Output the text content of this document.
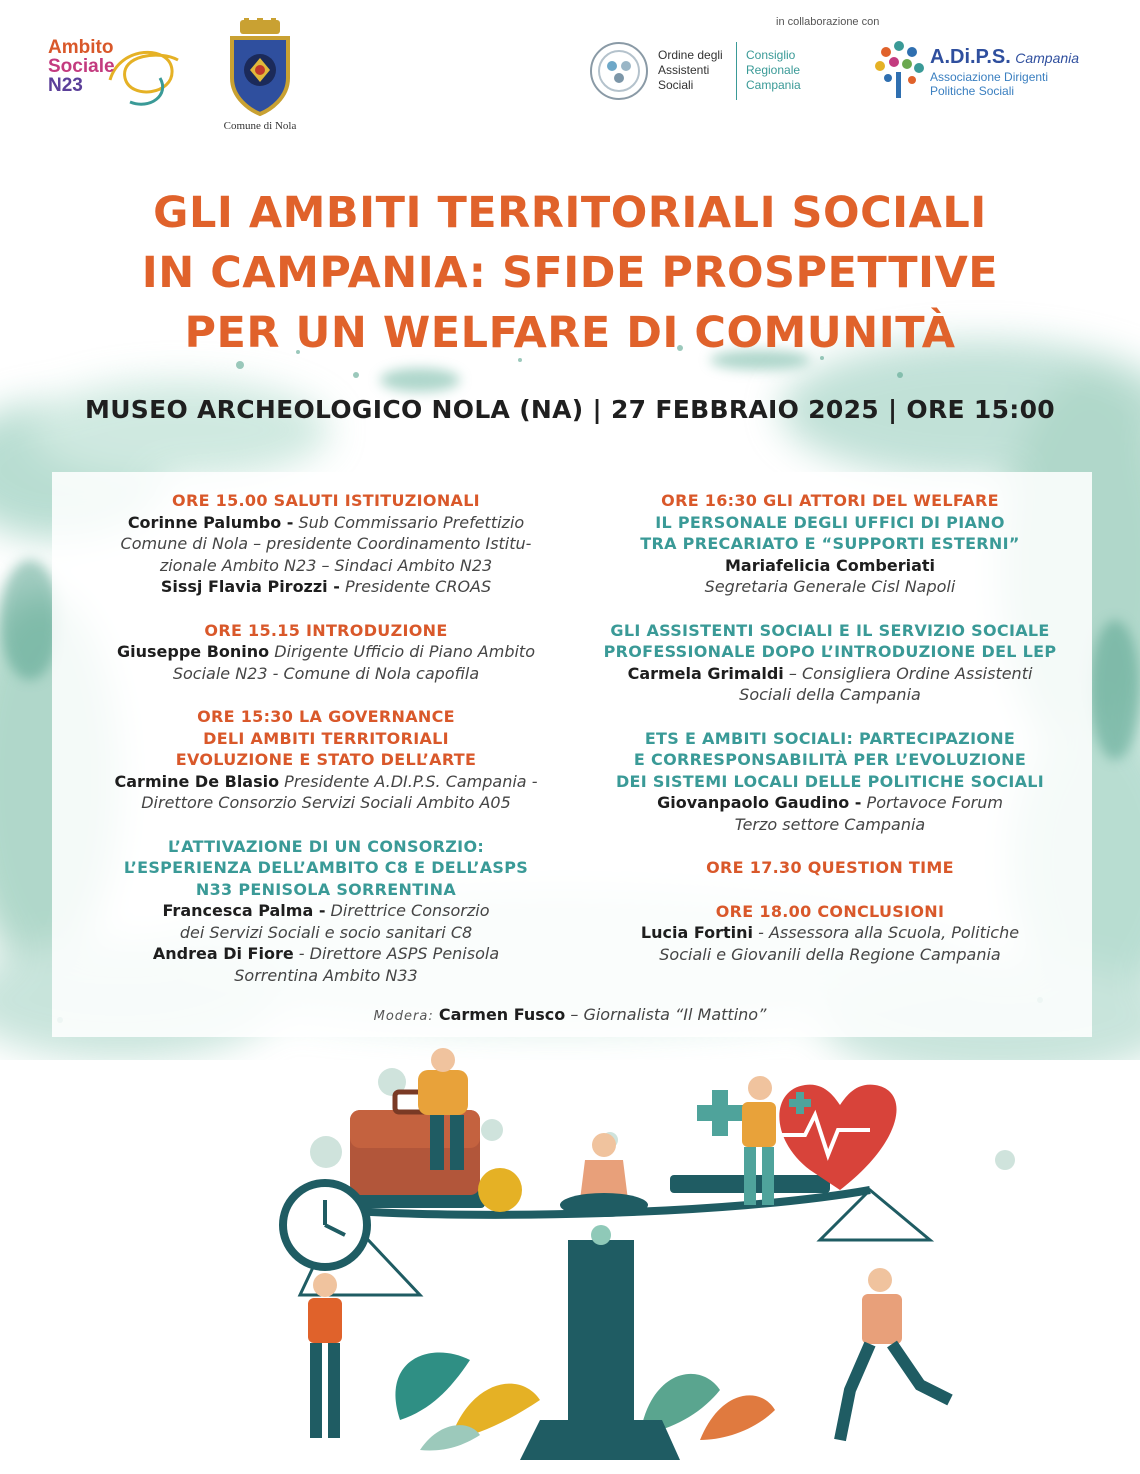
Ambito
Sociale
N23
Comune di Nola
in collaborazione con
Ordine degli
Assistenti
Sociali
Consiglio
Regionale
Campania
A.Di.P.S. Campania
Associazione Dirigenti
Politiche Sociali
GLI AMBITI TERRITORIALI SOCIALI
IN CAMPANIA: SFIDE PROSPETTIVE
PER UN WELFARE DI COMUNITÀ
MUSEO ARCHEOLOGICO NOLA (NA) | 27 FEBBRAIO 2025 | ORE 15:00
ORE 15.00 SALUTI ISTITUZIONALI
Corinne Palumbo - Sub Commissario Prefettizio
Comune di Nola – presidente Coordinamento Istitu-
zionale Ambito N23 – Sindaci Ambito N23
Sissj Flavia Pirozzi - Presidente CROAS
ORE 15.15 INTRODUZIONE
Giuseppe Bonino Dirigente Ufficio di Piano Ambito
Sociale N23 - Comune di Nola capofila
ORE 15:30 LA GOVERNANCE
DELI AMBITI TERRITORIALI
EVOLUZIONE E STATO DELL’ARTE
Carmine De Blasio Presidente A.DI.P.S. Campania -
Direttore Consorzio Servizi Sociali Ambito A05
L’ATTIVAZIONE DI UN CONSORZIO:
L’ESPERIENZA DELL’AMBITO C8 E DELL’ASPS
N33 PENISOLA SORRENTINA
Francesca Palma - Direttrice Consorzio
dei Servizi Sociali e socio sanitari C8
Andrea Di Fiore - Direttore ASPS Penisola
Sorrentina Ambito N33
ORE 16:30 GLI ATTORI DEL WELFARE
IL PERSONALE DEGLI UFFICI DI PIANO
TRA PRECARIATO E “SUPPORTI ESTERNI”
Mariafelicia Comberiati
Segretaria Generale Cisl Napoli
GLI ASSISTENTI SOCIALI E IL SERVIZIO SOCIALE
PROFESSIONALE DOPO L’INTRODUZIONE DEL LEP
Carmela Grimaldi – Consigliera Ordine Assistenti
Sociali della Campania
ETS E AMBITI SOCIALI: PARTECIPAZIONE
E CORRESPONSABILITÀ PER L’EVOLUZIONE
DEI SISTEMI LOCALI DELLE POLITICHE SOCIALI
Giovanpaolo Gaudino - Portavoce Forum
Terzo settore Campania
ORE 17.30 QUESTION TIME
ORE 18.00 CONCLUSIONI
Lucia Fortini - Assessora alla Scuola, Politiche
Sociali e Giovanili della Regione Campania
Modera: Carmen Fusco – Giornalista “Il Mattino”
